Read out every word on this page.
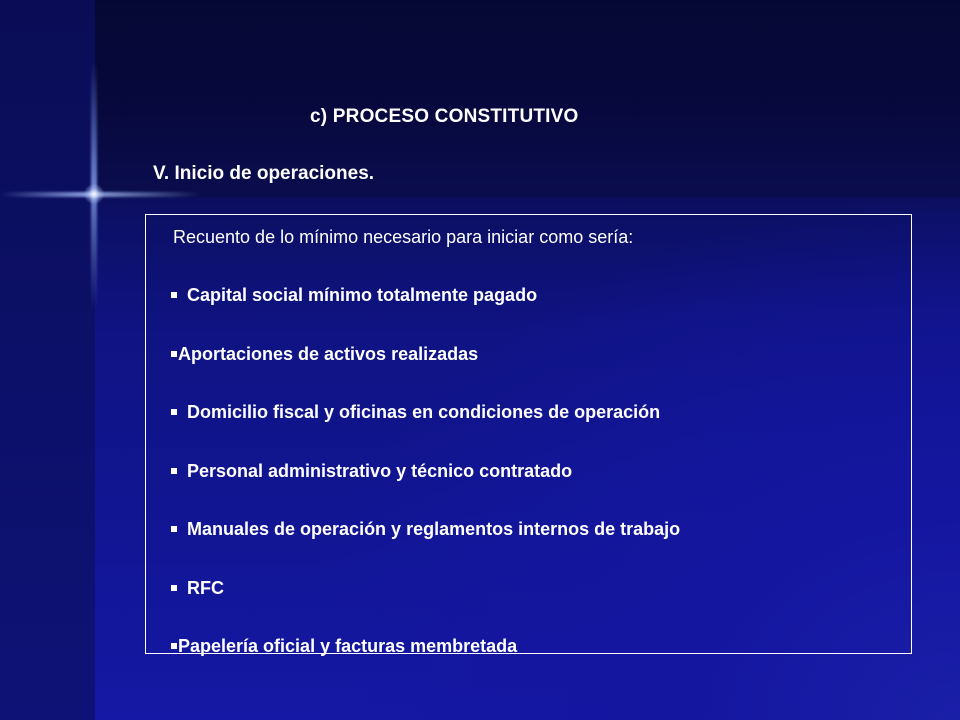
c) PROCESO CONSTITUTIVO
V. Inicio de operaciones.
Recuento de lo mínimo necesario para iniciar como sería:
Capital social mínimo totalmente pagado
Aportaciones de activos realizadas
Domicilio fiscal y oficinas en condiciones de operación
Personal administrativo y técnico contratado
Manuales de operación y reglamentos internos de trabajo
RFC
Papelería oficial y facturas membretada
